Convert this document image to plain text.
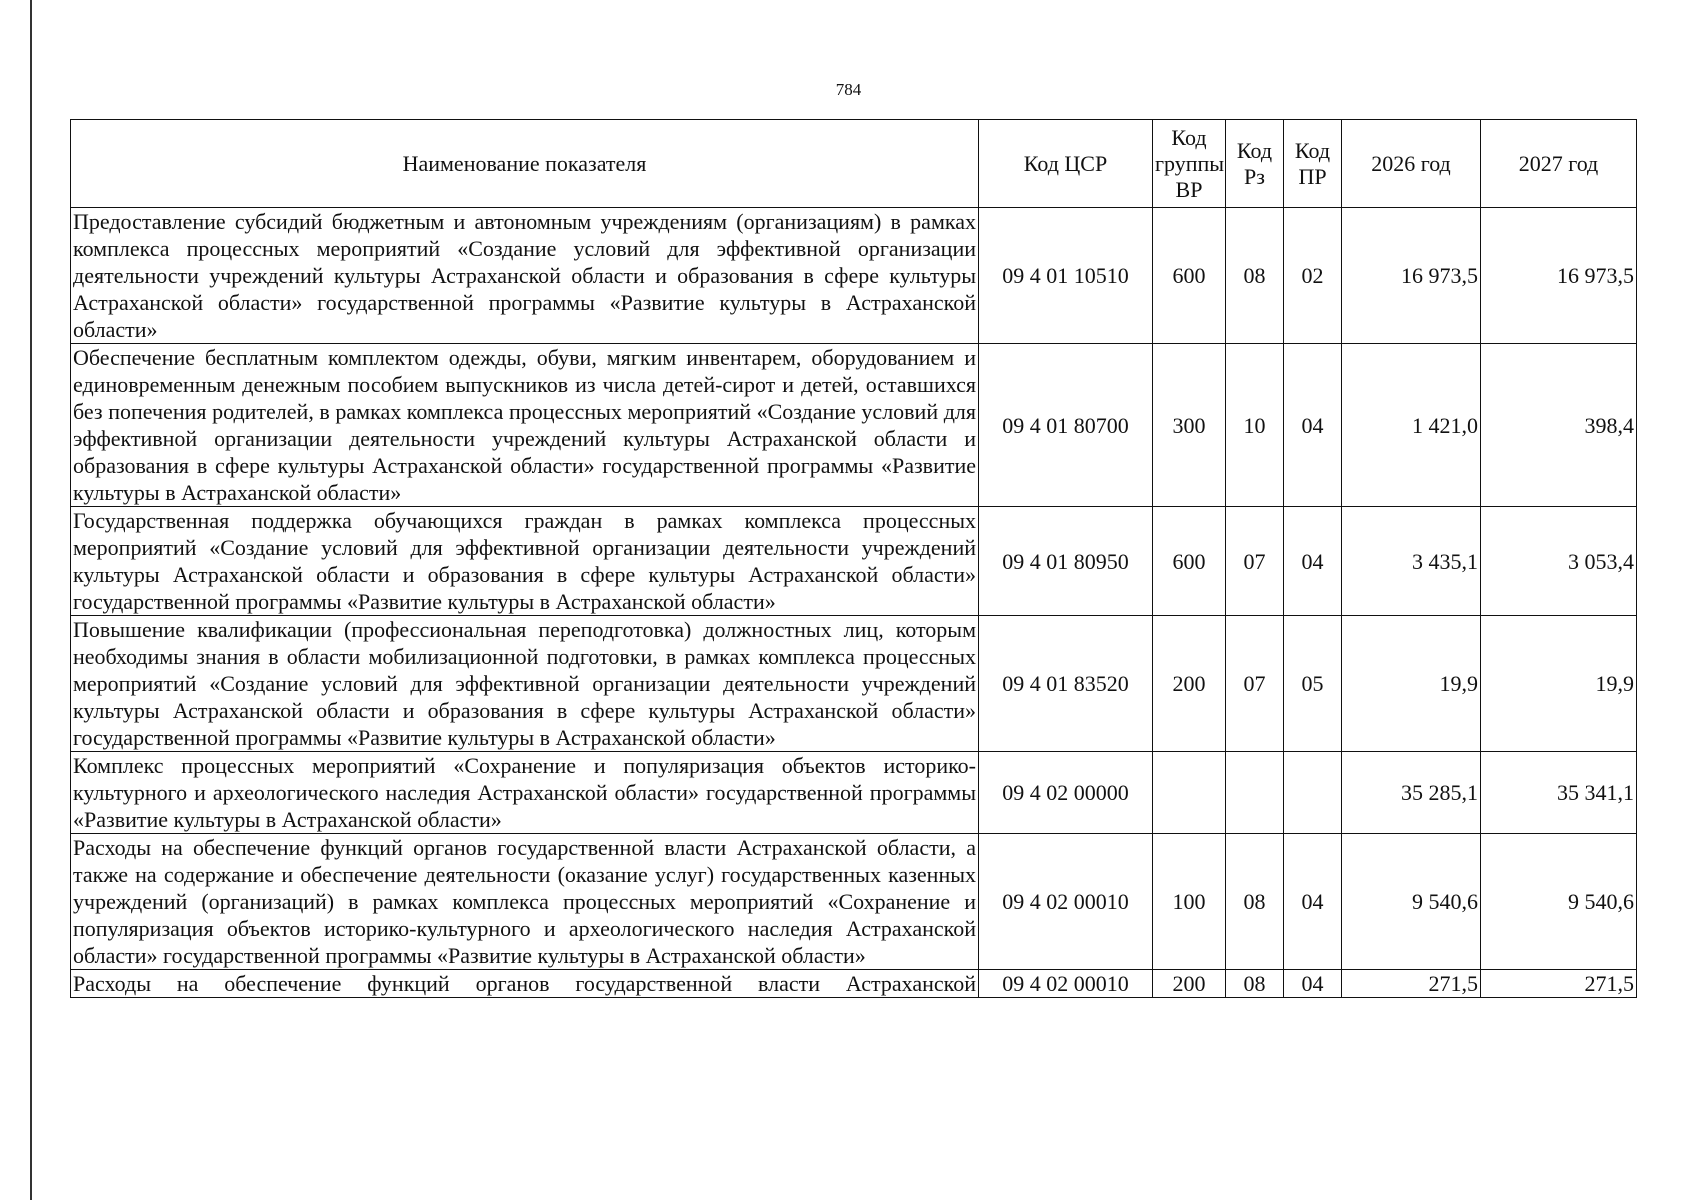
784
Наименование показателя	Код ЦСР	Код группы ВР	Код Рз	Код ПР	2026 год	2027 год
Предоставление субсидий бюджетным и автономным учреждениям (организациям) в рамках комплекса процессных мероприятий «Создание условий для эффективной организации деятельности учреждений культуры Астраханской области и образования в сфере культуры Астраханской области» государственной программы «Развитие культуры в Астраханской области»	09 4 01 10510	600	08	02	16 973,5	16 973,5
Обеспечение бесплатным комплектом одежды, обуви, мягким инвентарем, оборудованием и единовременным денежным пособием выпускников из числа детей-сирот и детей, оставшихся без попечения родителей, в рамках комплекса процессных мероприятий «Создание условий для эффективной организации деятельности учреждений культуры Астраханской области и образования в сфере культуры Астраханской области» государственной программы «Развитие культуры в Астраханской области»	09 4 01 80700	300	10	04	1 421,0	398,4
Государственная поддержка обучающихся граждан в рамках комплекса процессных мероприятий «Создание условий для эффективной организации деятельности учреждений культуры Астраханской области и образования в сфере культуры Астраханской области» государственной программы «Развитие культуры в Астраханской области»	09 4 01 80950	600	07	04	3 435,1	3 053,4
Повышение квалификации (профессиональная переподготовка) должностных лиц, которым необходимы знания в области мобилизационной подготовки, в рамках комплекса процессных мероприятий «Создание условий для эффективной организации деятельности учреждений культуры Астраханской области и образования в сфере культуры Астраханской области» государственной программы «Развитие культуры в Астраханской области»	09 4 01 83520	200	07	05	19,9	19,9
Комплекс процессных мероприятий «Сохранение и популяризация объектов историко-культурного и археологического наследия Астраханской области» государственной программы «Развитие культуры в Астраханской области»	09 4 02 00000				35 285,1	35 341,1
Расходы на обеспечение функций органов государственной власти Астраханской области, а также на содержание и обеспечение деятельности (оказание услуг) государственных казенных учреждений (организаций) в рамках комплекса процессных мероприятий «Сохранение и популяризация объектов историко-культурного и археологического наследия Астраханской области» государственной программы «Развитие культуры в Астраханской области»	09 4 02 00010	100	08	04	9 540,6	9 540,6
Расходы на обеспечение функций органов государственной власти Астраханской	09 4 02 00010	200	08	04	271,5	271,5
